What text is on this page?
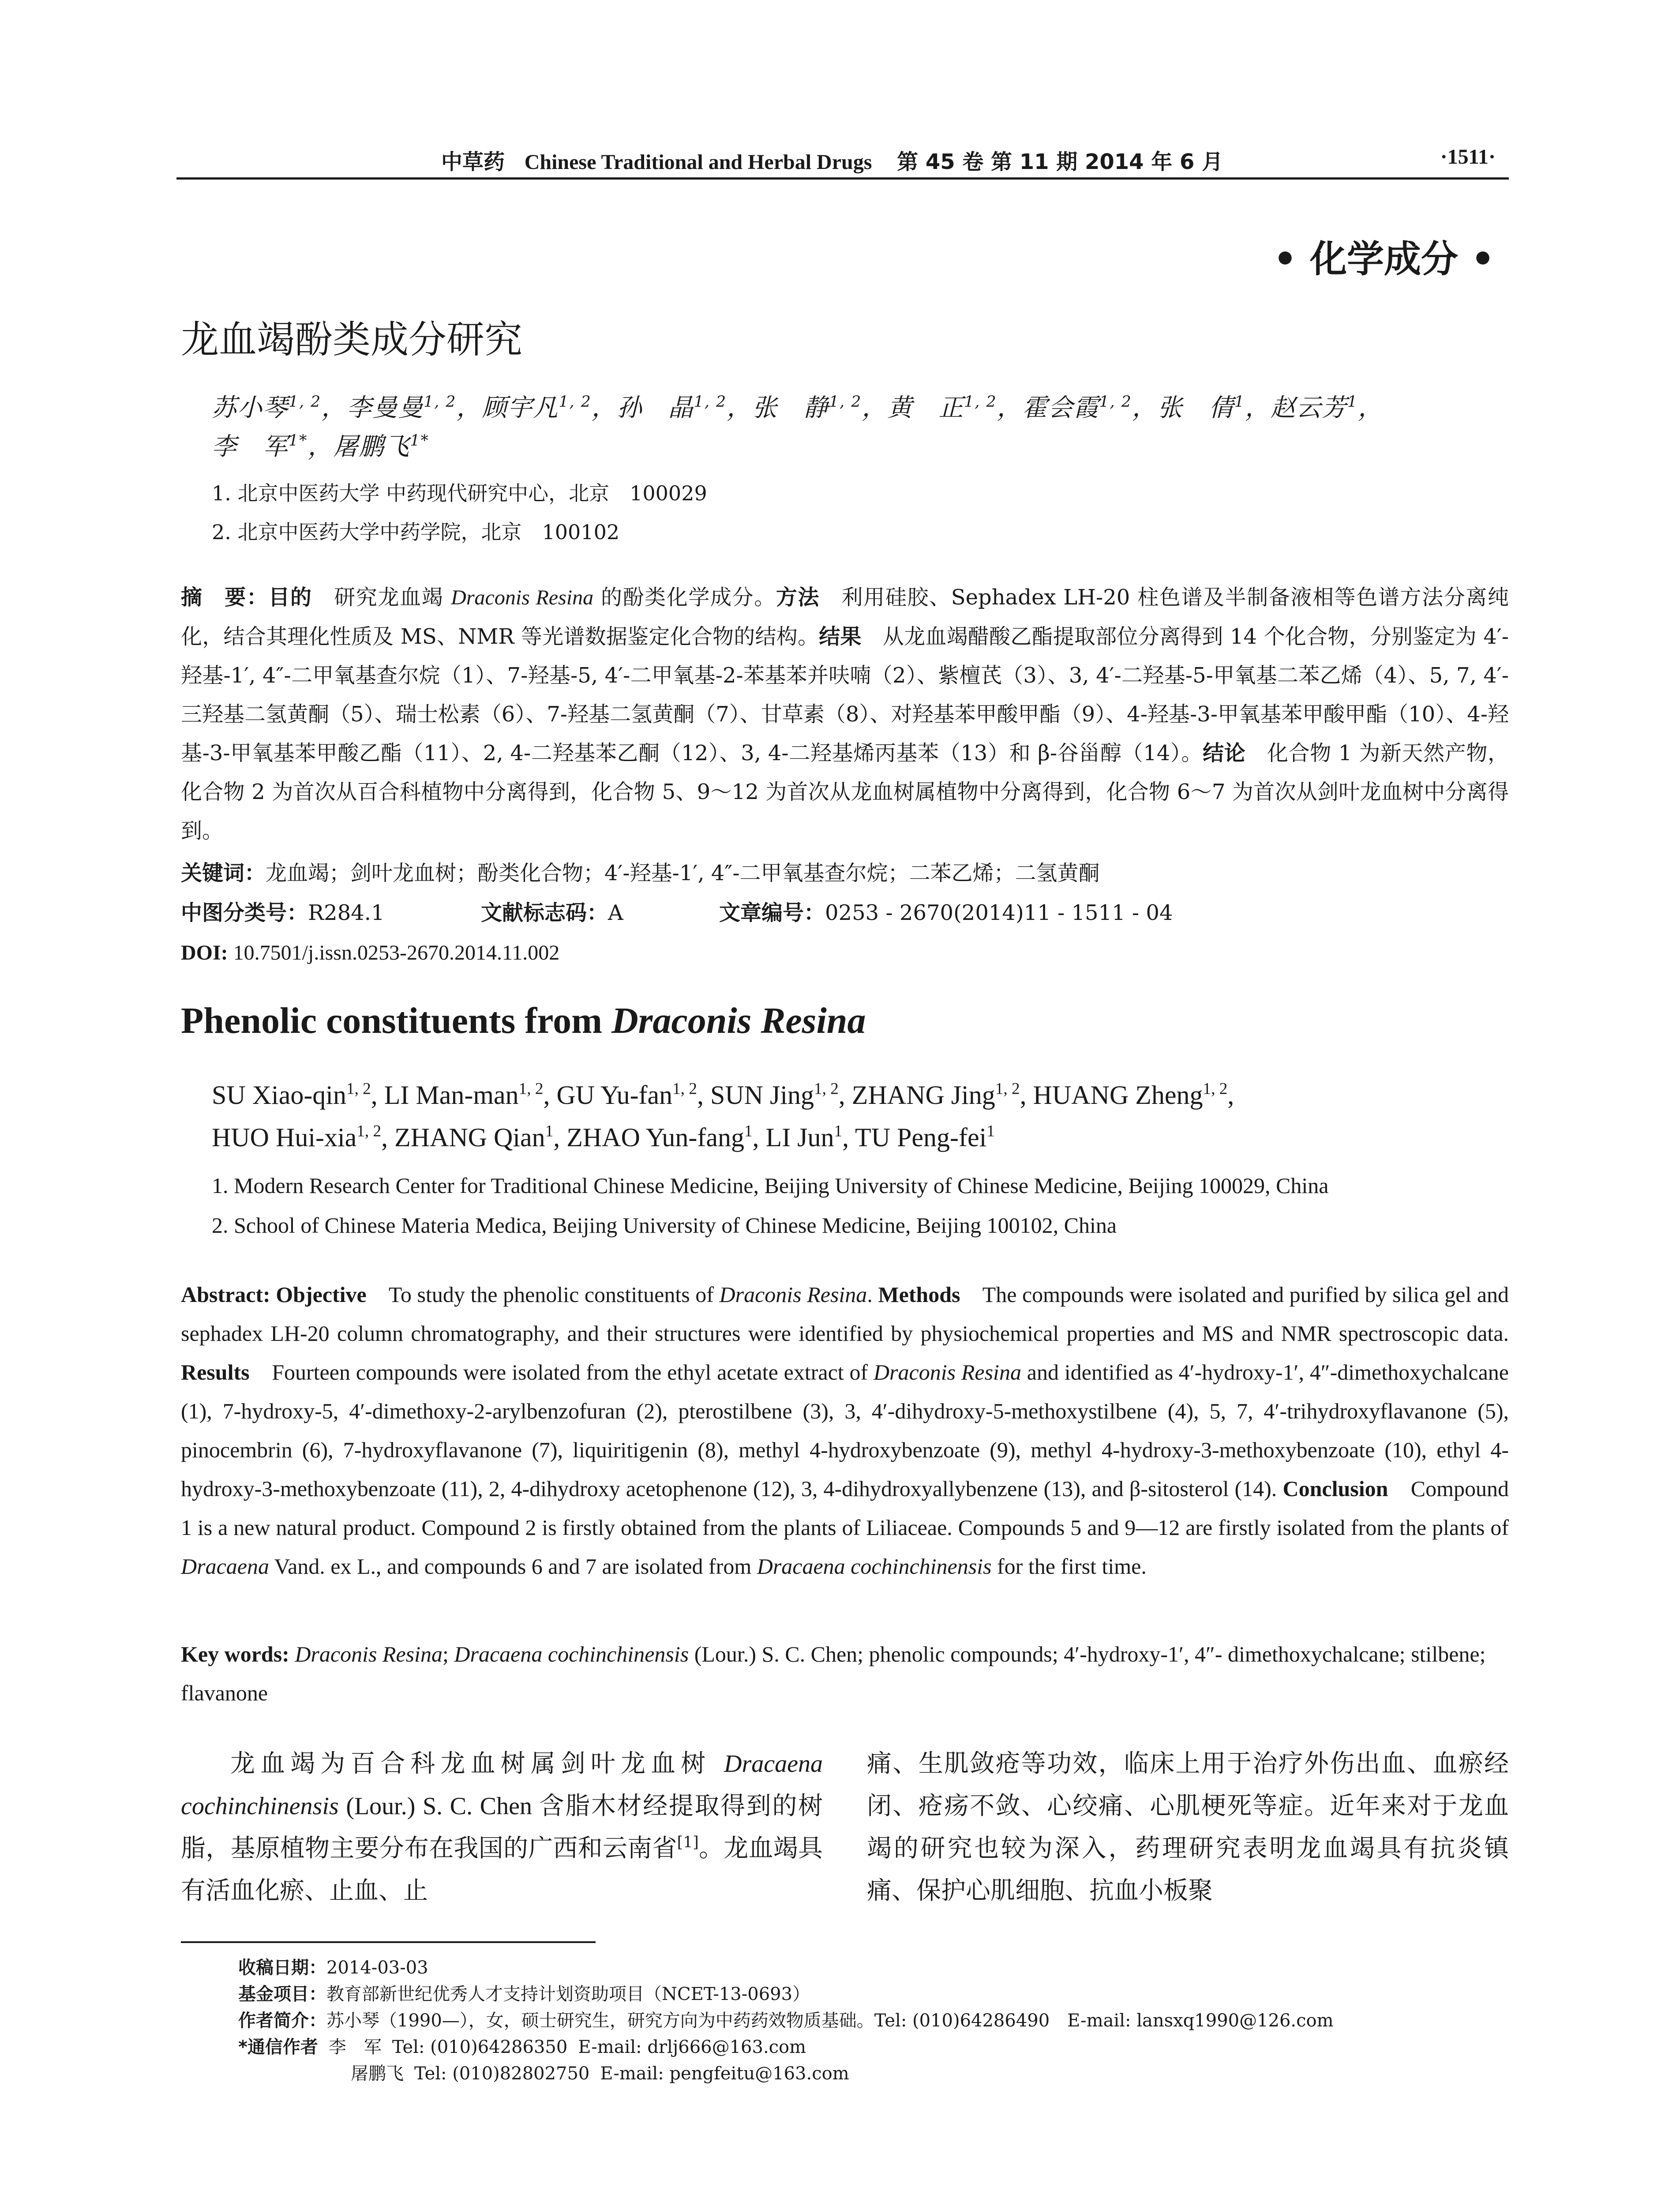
中草药 Chinese Traditional and Herbal Drugs 第 45 卷 第 11 期 2014 年 6 月	·1511·
• 化学成分 •
龙血竭酚类成分研究
苏小琴$^{1, 2}$，李曼曼$^{1, 2}$，顾宇凡$^{1, 2}$，孙　晶$^{1, 2}$，张　静$^{1, 2}$，黄　正$^{1, 2}$，霍会霞$^{1, 2}$，张　倩$^1$，赵云芳$^1$，
李　军$^{1*}$，屠鹏飞$^{1*}$
1. 北京中医药大学 中药现代研究中心，北京　100029
2. 北京中医药大学中药学院，北京　100102
摘　要：目的　研究龙血竭 Draconis Resina 的酚类化学成分。方法　利用硅胶、Sephadex LH-20 柱色谱及半制备液相等色谱方法分离纯化，结合其理化性质及 MS、NMR 等光谱数据鉴定化合物的结构。结果　从龙血竭醋酸乙酯提取部位分离得到 14 个化合物，分别鉴定为 4′-羟基-1′, 4″-二甲氧基查尔烷（1）、7-羟基-5, 4′-二甲氧基-2-苯基苯并呋喃（2）、紫檀芪（3）、3, 4′-二羟基-5-甲氧基二苯乙烯（4）、5, 7, 4′-三羟基二氢黄酮（5）、瑞士松素（6）、7-羟基二氢黄酮（7）、甘草素（8）、对羟基苯甲酸甲酯（9）、4-羟基-3-甲氧基苯甲酸甲酯（10）、4-羟基-3-甲氧基苯甲酸乙酯（11）、2, 4-二羟基苯乙酮（12）、3, 4-二羟基烯丙基苯（13）和 β-谷甾醇（14）。结论　化合物 1 为新天然产物，化合物 2 为首次从百合科植物中分离得到，化合物 5、9～12 为首次从龙血树属植物中分离得到，化合物 6～7 为首次从剑叶龙血树中分离得到。
关键词：龙血竭；剑叶龙血树；酚类化合物；4′-羟基-1′, 4″-二甲氧基查尔烷；二苯乙烯；二氢黄酮
中图分类号： R284.1	文献标志码： A	文章编号： 0253 - 2670(2014)11 - 1511 - 04
DOI: 10.7501/j.issn.0253-2670.2014.11.002
Phenolic constituents from Draconis Resina
SU Xiao-qin$^{1, 2}$, LI Man-man$^{1, 2}$, GU Yu-fan$^{1, 2}$, SUN Jing$^{1, 2}$, ZHANG Jing$^{1, 2}$, HUANG Zheng$^{1, 2}$,
HUO Hui-xia$^{1, 2}$, ZHANG Qian$^1$, ZHAO Yun-fang$^1$, LI Jun$^1$, TU Peng-fei$^1$
1. Modern Research Center for Traditional Chinese Medicine, Beijing University of Chinese Medicine, Beijing 100029, China
2. School of Chinese Materia Medica, Beijing University of Chinese Medicine, Beijing 100102, China
Abstract: Objective　To study the phenolic constituents of Draconis Resina. Methods　The compounds were isolated and purified by silica gel and sephadex LH-20 column chromatography, and their structures were identified by physiochemical properties and MS and NMR spectroscopic data. Results　Fourteen compounds were isolated from the ethyl acetate extract of Draconis Resina and identified as 4′-hydroxy-1′, 4″-dimethoxychalcane (1), 7-hydroxy-5, 4′-dimethoxy-2-arylbenzofuran (2), pterostilbene (3), 3, 4′-dihydroxy-5-methoxystilbene (4), 5, 7, 4′-trihydroxyflavanone (5), pinocembrin (6), 7-hydroxyflavanone (7), liquiritigenin (8), methyl 4-hydroxybenzoate (9), methyl 4-hydroxy-3-methoxybenzoate (10), ethyl 4-hydroxy-3-methoxybenzoate (11), 2, 4-dihydroxy acetophenone (12), 3, 4-dihydroxyallybenzene (13), and β-sitosterol (14). Conclusion　Compound 1 is a new natural product. Compound 2 is firstly obtained from the plants of Liliaceae. Compounds 5 and 9—12 are firstly isolated from the plants of Dracaena Vand. ex L., and compounds 6 and 7 are isolated from Dracaena cochinchinensis for the first time.
Key words: Draconis Resina; Dracaena cochinchinensis (Lour.) S. C. Chen; phenolic compounds; 4′-hydroxy-1′, 4″- dimethoxychalcane; stilbene; flavanone
龙血竭为百合科龙血树属剑叶龙血树 Dracaena cochinchinensis (Lour.) S. C. Chen 含脂木材经提取得到的树脂，基原植物主要分布在我国的广西和云南省[1]。龙血竭具有活血化瘀、止血、止
痛、生肌敛疮等功效，临床上用于治疗外伤出血、血瘀经闭、疮疡不敛、心绞痛、心肌梗死等症。近年来对于龙血竭的研究也较为深入，药理研究表明龙血竭具有抗炎镇痛、保护心肌细胞、抗血小板聚
收稿日期：2014-03-03
基金项目：教育部新世纪优秀人才支持计划资助项目（NCET-13-0693）
作者简介：苏小琴（1990—），女，硕士研究生，研究方向为中药药效物质基础。Tel: (010)64286490　E-mail: lansxq1990@126.com
*通信作者 李　军 Tel: (010)64286350 E-mail: drlj666@163.com
屠鹏飞 Tel: (010)82802750 E-mail: pengfeitu@163.com
